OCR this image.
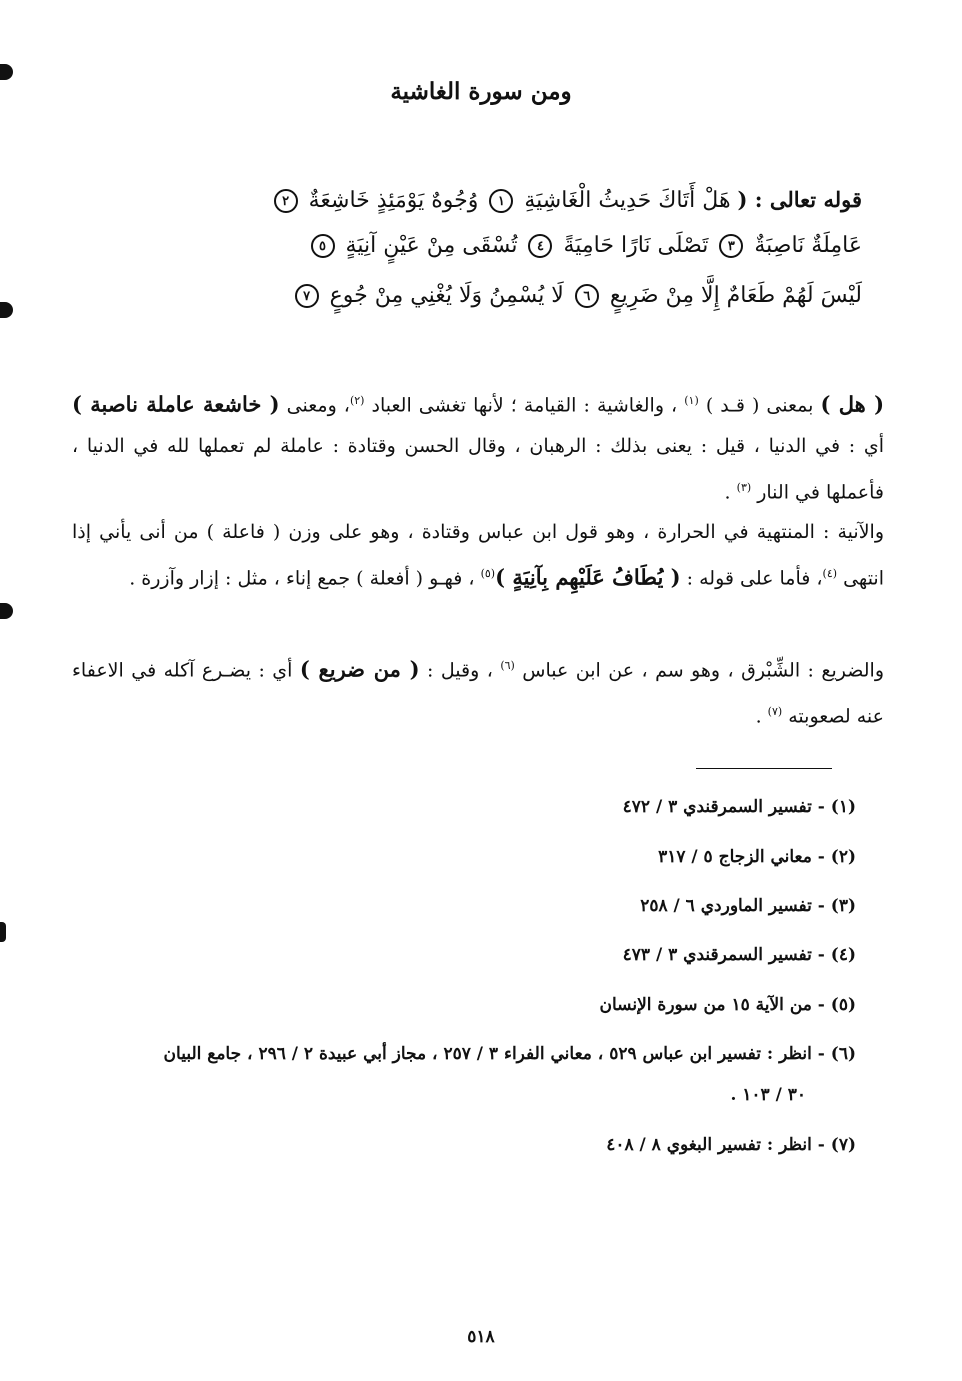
ومن سورة الغاشية
قوله تعالى : ( هَلْ أَتَاكَ حَدِيثُ الْغَاشِيَةِ ١ وُجُوهٌ يَوْمَئِذٍ خَاشِعَةٌ ٢
عَامِلَةٌ نَاصِبَةٌ ٣ تَصْلَى نَارًا حَامِيَةً ٤ تُسْقَى مِنْ عَيْنٍ آنِيَةٍ ٥
لَيْسَ لَهُمْ طَعَامٌ إِلَّا مِنْ ضَرِيعٍ ٦ لَا يُسْمِنُ وَلَا يُغْنِي مِنْ جُوعٍ ٧
( هل ) بمعنى ( قـد ) $^{(١)}$ ، والغاشية : القيامة ؛ لأنها تغشى العباد $^{(٢)}$، ومعنى ( خاشعة عاملة ناصبة ) أي : في الدنيا ، قيل : يعنى بذلك : الرهبان ، وقال الحسن وقتادة : عاملة لم تعملها لله في الدنيا ، فأعملها في النار $^{(٣)}$ .
والآنية : المنتهية في الحرارة ، وهو قول ابن عباس وقتادة ، وهو على وزن ( فاعلة ) من أنى يأني إذا انتهى $^{(٤)}$، فأما على قوله : ( يُطَافُ عَلَيْهِم بِآنِيَةٍ )$^{(٥)}$ ، فهـو ( أفعلة ) جمع إناء ، مثل : إزار وآزرة .
والضريع : الشِّبْرق ، وهو سم ، عن ابن عباس $^{(٦)}$ ، وقيل : ( من ضريع ) أي : يضـرع آكله في الاعفاء عنه لصعوبته $^{(٧)}$ .
(١) - تفسير السمرقندي ٣ / ٤٧٢
(٢) - معاني الزجاج ٥ / ٣١٧
(٣) - تفسير الماوردي ٦ / ٢٥٨
(٤) - تفسير السمرقندي ٣ / ٤٧٣
(٥) - من الآية ١٥ من سورة الإنسان
(٦) - انظر : تفسير ابن عباس ٥٢٩ ، معاني الفراء ٣ / ٢٥٧ ، مجاز أبي عبيدة ٢ / ٢٩٦ ، جامع البيان
٣٠ / ١٠٣ .
(٧) - انظر : تفسير البغوي ٨ / ٤٠٨
٥١٨
